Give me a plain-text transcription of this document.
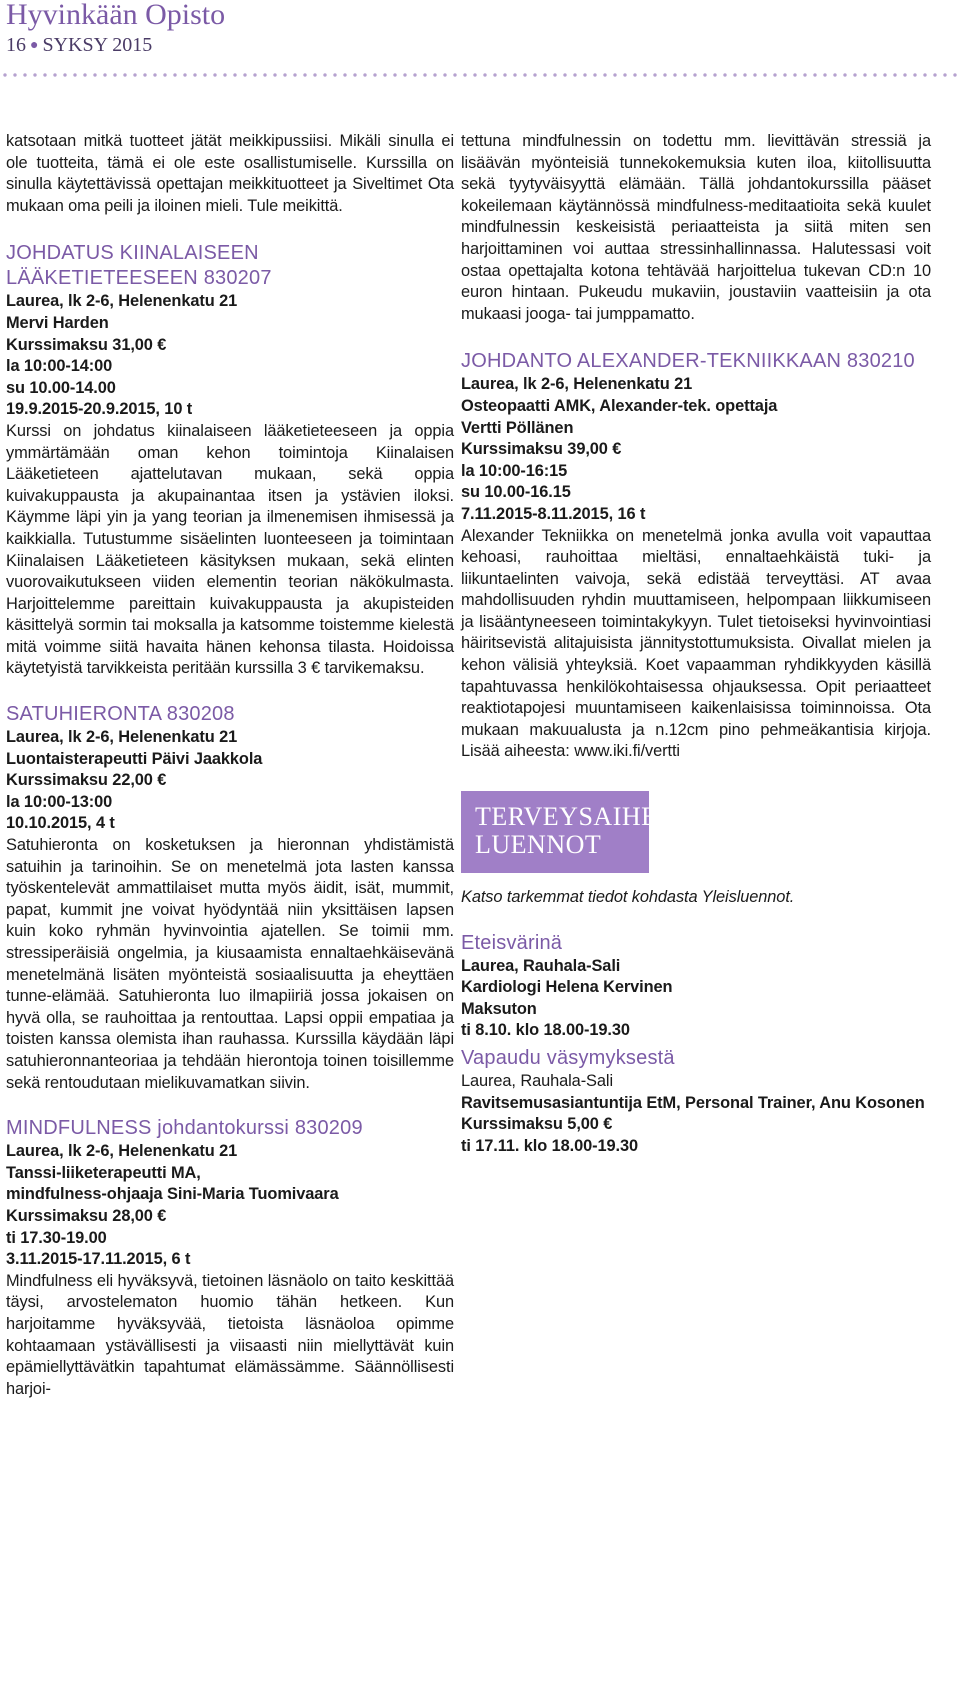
Hyvinkään Opisto
16 ● SYKSY 2015

katsotaan mitkä tuotteet jätät meikkipussiisi. Mikäli sinulla ei ole tuotteita, tämä ei ole este osallistumiselle. Kurssilla on sinulla käytettävissä opettajan meikkituotteet ja Siveltimet Ota mukaan oma peili ja iloinen mieli. Tule meikittä.

JOHDATUS KIINALAISEEN LÄÄKETIETEESEEN 830207

Laurea, lk 2-6, Helenenkatu 21

Mervi Harden

Kurssimaksu 31,00 €

la 10:00-14:00

su 10.00-14.00

19.9.2015-20.9.2015, 10 t

Kurssi on johdatus kiinalaiseen lääketieteeseen ja oppia ymmärtämään oman kehon toimintoja Kiinalaisen Lääketieteen ajattelutavan mukaan, sekä oppia kuivakuppausta ja akupainantaa itsen ja ystävien iloksi. Käymme läpi yin ja yang teorian ja ilmenemisen ihmisessä ja kaikkialla. Tutustumme sisäelinten luonteeseen ja toimintaan Kiinalaisen Lääketieteen käsityksen mukaan, sekä elinten vuorovaikutukseen viiden elementin teorian näkökulmasta. Harjoittelemme pareittain kuivakuppausta ja akupisteiden käsittelyä sormin tai moksalla ja katsomme toistemme kielestä mitä voimme siitä havaita hänen kehonsa tilasta. Hoidoissa käytetyistä tarvikkeista peritään kurssilla 3 € tarvikemaksu.

SATUHIERONTA 830208

Laurea, lk 2-6, Helenenkatu 21

Luontaisterapeutti Päivi Jaakkola

Kurssimaksu 22,00 €

la 10:00-13:00

10.10.2015, 4 t

Satuhieronta on kosketuksen ja hieronnan yhdistämistä satuihin ja tarinoihin. Se on menetelmä jota lasten kanssa työskentelevät ammattilaiset mutta myös äidit, isät, mummit, papat, kummit jne voivat hyödyntää niin yksittäisen lapsen kuin koko ryhmän hyvinvointia ajatellen. Se toimii mm. stressiperäisiä ongelmia, ja kiusaamista ennaltaehkäisevänä menetelmänä lisäten myönteistä sosiaalisuutta ja eheyttäen tunne-elämää. Satuhieronta luo ilmapiiriä jossa jokaisen on hyvä olla, se rauhoittaa ja rentouttaa. Lapsi oppii empatiaa ja toisten kanssa olemista ihan rauhassa. Kurssilla käydään läpi satuhieronnanteoriaa ja tehdään hierontoja toinen toisillemme sekä rentoudutaan mielikuvamatkan siivin.

MINDFULNESS johdantokurssi 830209

Laurea, lk 2-6, Helenenkatu 21

Tanssi-liiketerapeutti MA,

mindfulness-ohjaaja Sini-Maria Tuomivaara

Kurssimaksu 28,00 €

ti 17.30-19.00

3.11.2015-17.11.2015, 6 t

Mindfulness eli hyväksyvä, tietoinen läsnäolo on taito keskittää täysi, arvostelematon huomio tähän hetkeen. Kun harjoitamme hyväksyvää, tietoista läsnäoloa opimme kohtaamaan ystävällisesti ja viisaasti niin miellyttävät kuin epämiellyttävätkin tapahtumat elämässämme. Säännöllisesti harjoi-

tettuna mindfulnessin on todettu mm. lievittävän stressiä ja lisäävän myönteisiä tunnekokemuksia kuten iloa, kiitollisuutta sekä tyytyväisyyttä elämään. Tällä johdantokurssilla pääset kokeilemaan käytännössä mindfulness-meditaatioita sekä kuulet mindfulnessin keskeisistä periaatteista ja siitä miten sen harjoittaminen voi auttaa stressinhallinnassa. Halutessasi voit ostaa opettajalta kotona tehtävää harjoittelua tukevan CD:n 10 euron hintaan. Pukeudu mukaviin, joustaviin vaatteisiin ja ota mukaasi jooga- tai jumppamatto.

JOHDANTO ALEXANDER-TEKNIIKKAAN 830210

Laurea, lk 2-6, Helenenkatu 21

Osteopaatti AMK, Alexander-tek. opettaja

Vertti Pöllänen

Kurssimaksu 39,00 €

la 10:00-16:15

su 10.00-16.15

7.11.2015-8.11.2015, 16 t

Alexander Tekniikka on menetelmä jonka avulla voit vapauttaa kehoasi, rauhoittaa mieltäsi, ennaltaehkäistä tuki- ja liikuntaelinten vaivoja, sekä edistää terveyttäsi. AT avaa mahdollisuuden ryhdin muuttamiseen, helpompaan liikkumiseen ja lisääntyneeseen toimintakykyyn. Tulet tietoiseksi hyvinvointiasi häiritsevistä alitajuisista jännitystottumuksista. Oivallat mielen ja kehon välisiä yhteyksiä. Koet vapaamman ryhdikkyyden käsillä tapahtuvassa henkilökohtaisessa ohjauksessa. Opit periaatteet reaktiotapojesi muuntamiseen kaikenlaisissa toiminnoissa. Ota mukaan makuualusta ja n.12cm pino pehmeäkantisia kirjoja. Lisää aiheesta: www.iki.fi/vertti

TERVEYSAIHEISET LUENNOT

Katso tarkemmat tiedot kohdasta Yleisluennot.

Eteisvärinä

Laurea, Rauhala-Sali

Kardiologi Helena Kervinen

Maksuton

ti 8.10. klo 18.00-19.30

Vapaudu väsymyksestä

Laurea, Rauhala-Sali

Ravitsemusasiantuntija EtM, Personal Trainer, Anu Kosonen

Kurssimaksu 5,00 €

ti 17.11. klo 18.00-19.30
